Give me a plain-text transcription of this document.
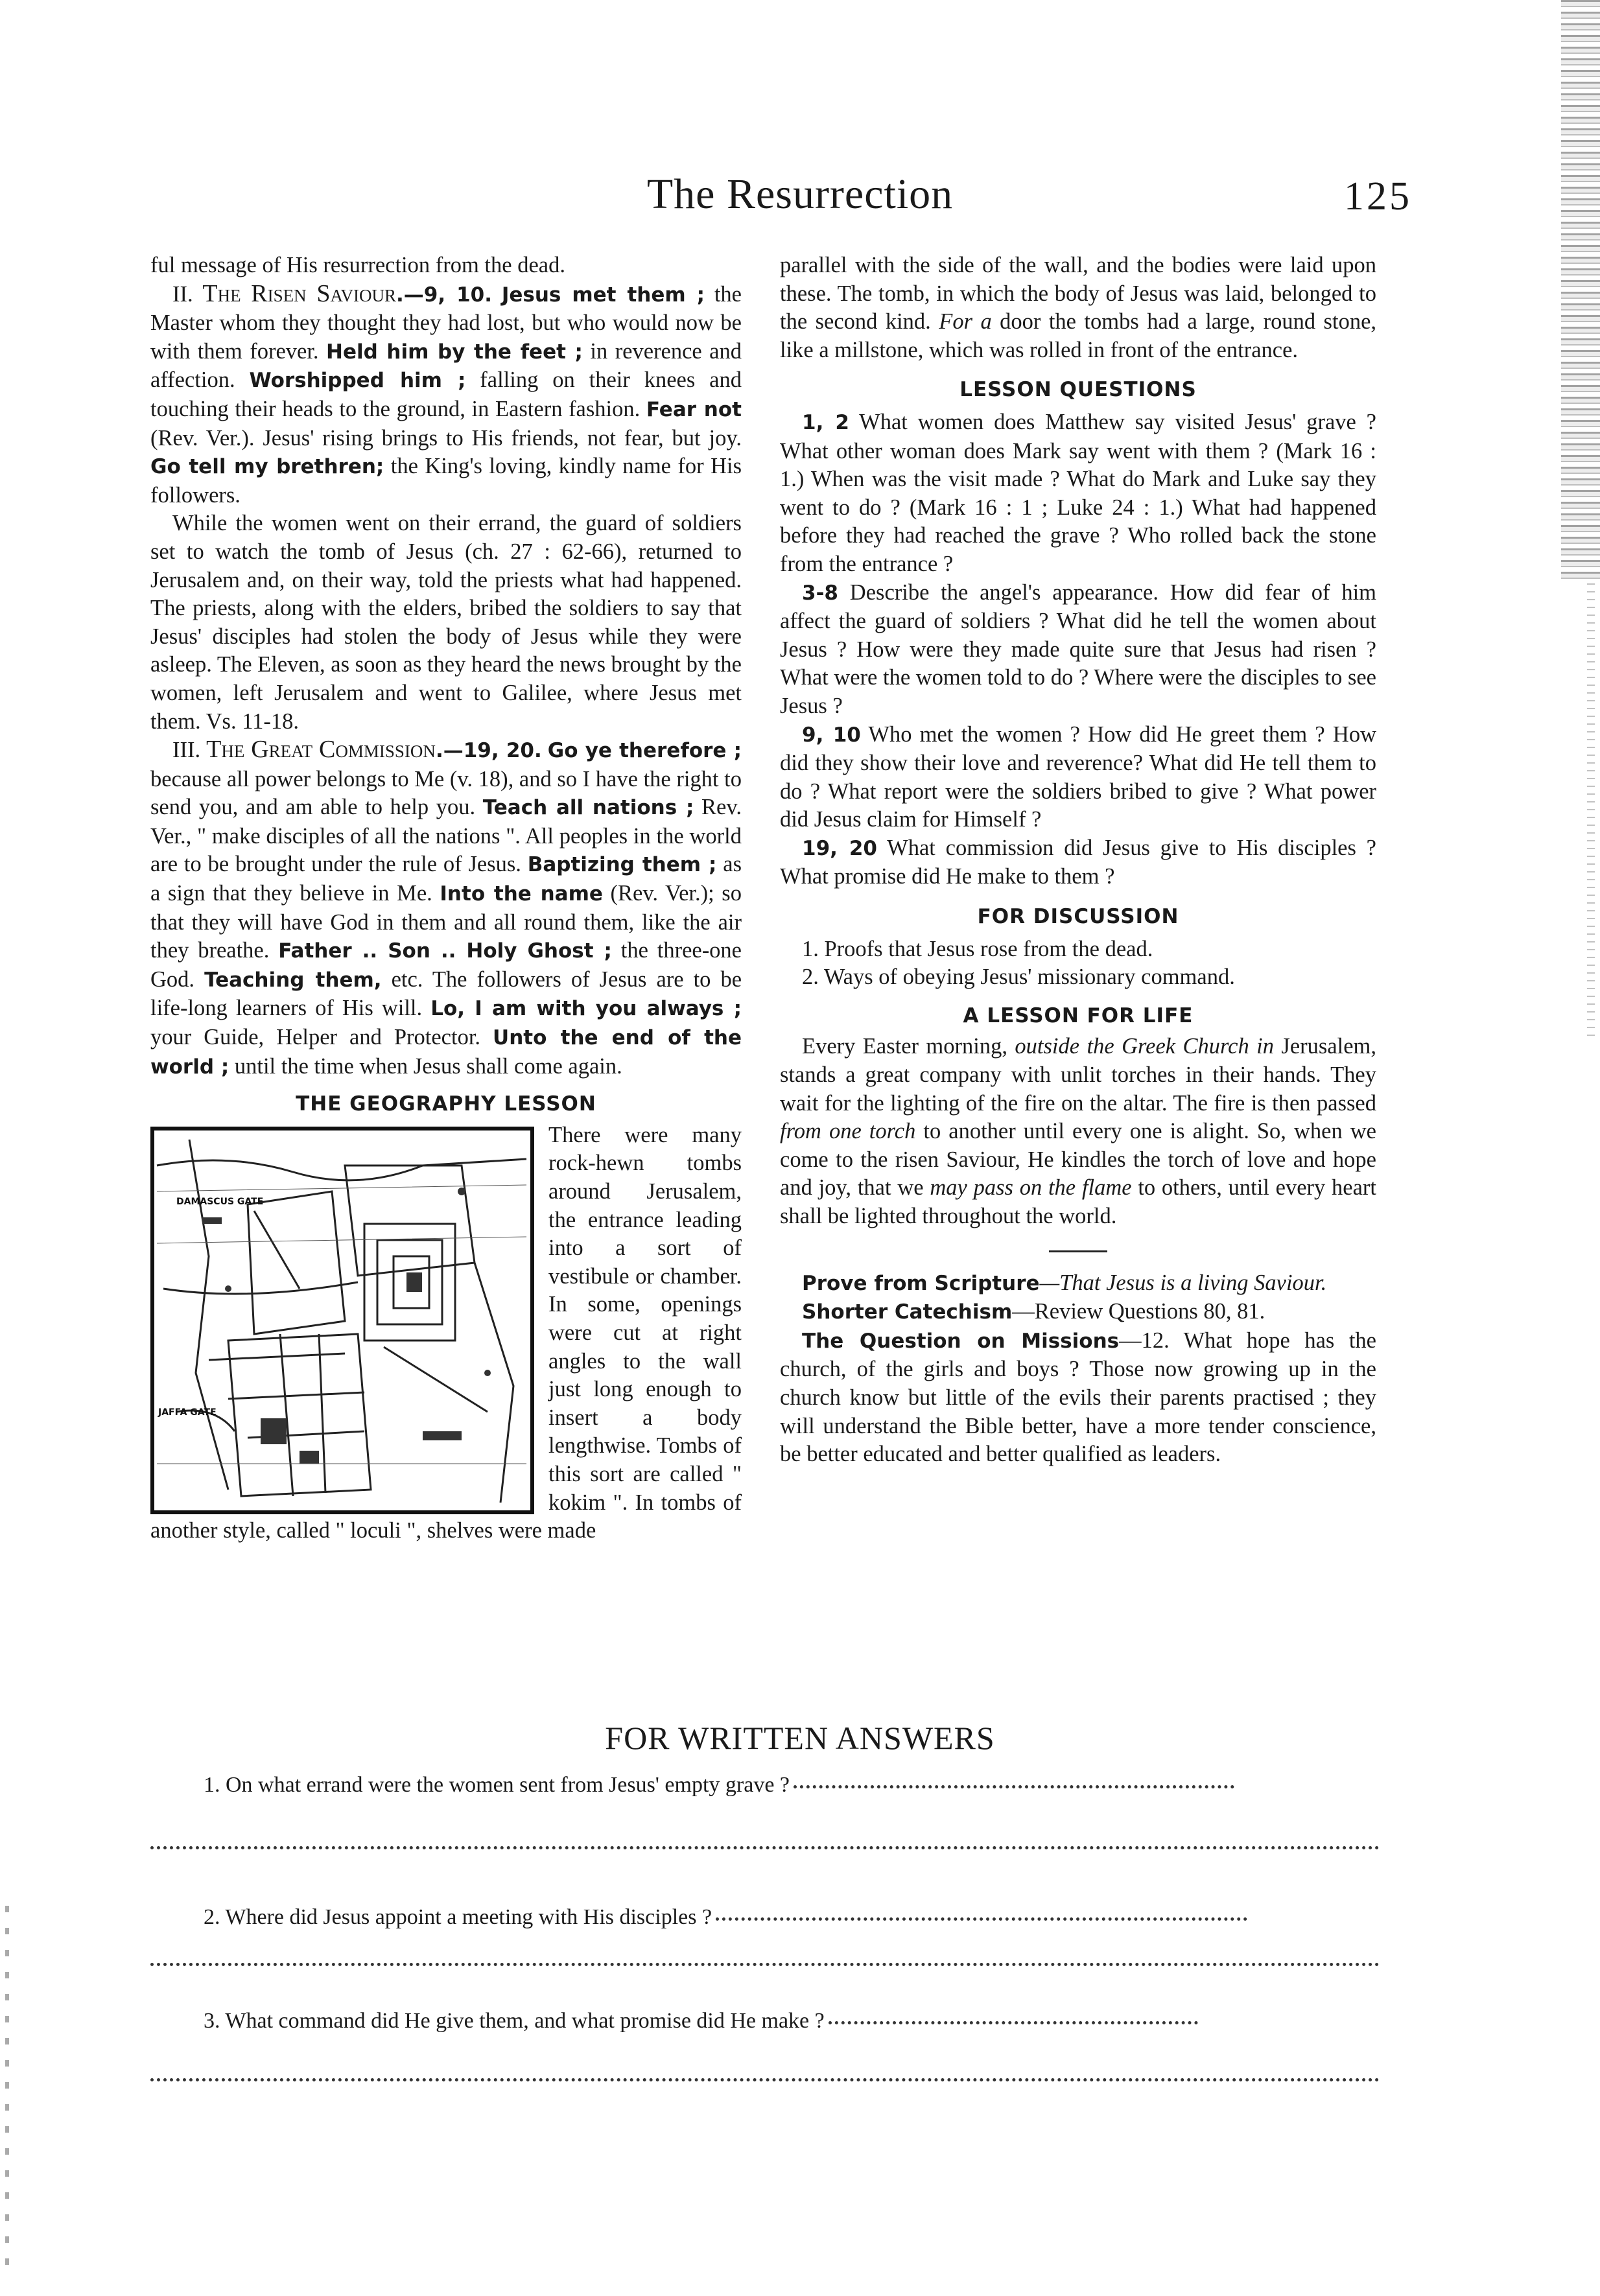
The Resurrection	125

ful message of His resurrection from the dead.

II. The Risen Saviour.—9, 10. Jesus met them ; the Master whom they thought they had lost, but who would now be with them forever. Held him by the feet ; in reverence and affection. Worshipped him ; falling on their knees and touching their heads to the ground, in Eastern fashion. Fear not (Rev. Ver.). Jesus' rising brings to His friends, not fear, but joy. Go tell my brethren; the King's loving, kindly name for His followers.

While the women went on their errand, the guard of soldiers set to watch the tomb of Jesus (ch. 27 : 62-66), returned to Jerusalem and, on their way, told the priests what had happened. The priests, along with the elders, bribed the soldiers to say that Jesus' disciples had stolen the body of Jesus while they were asleep. The Eleven, as soon as they heard the news brought by the women, left Jerusalem and went to Galilee, where Jesus met them. Vs. 11-18.

III. The Great Commission.—19, 20. Go ye therefore ; because all power belongs to Me (v. 18), and so I have the right to send you, and am able to help you. Teach all nations ; Rev. Ver., " make disciples of all the nations ". All peoples in the world are to be brought under the rule of Jesus. Baptizing them ; as a sign that they believe in Me. Into the name (Rev. Ver.); so that they will have God in them and all round them, like the air they breathe. Father .. Son .. Holy Ghost ; the three-one God. Teaching them, etc. The followers of Jesus are to be life-long learners of His will. Lo, I am with you always ; your Guide, Helper and Protector. Unto the end of the world ; until the time when Jesus shall come again.

THE GEOGRAPHY LESSON

DAMASCUS GATE
JAFFA GATE

There were many rock-hewn tombs around Jerusalem, the entrance leading into a sort of vestibule or chamber. In some, openings were cut at right angles to the wall just long enough to insert a body lengthwise. Tombs of this sort are called " kokim ". In tombs of another style, called " loculi ", shelves were made

parallel with the side of the wall, and the bodies were laid upon these. The tomb, in which the body of Jesus was laid, belonged to the second kind. For a door the tombs had a large, round stone, like a millstone, which was rolled in front of the entrance.

LESSON QUESTIONS

1, 2 What women does Matthew say visited Jesus' grave ? What other woman does Mark say went with them ? (Mark 16 : 1.) When was the visit made ? What do Mark and Luke say they went to do ? (Mark 16 : 1 ; Luke 24 : 1.) What had happened before they had reached the grave ? Who rolled back the stone from the entrance ?

3-8 Describe the angel's appearance. How did fear of him affect the guard of soldiers ? What did he tell the women about Jesus ? How were they made quite sure that Jesus had risen ? What were the women told to do ? Where were the disciples to see Jesus ?

9, 10 Who met the women ? How did He greet them ? How did they show their love and reverence? What did He tell them to do ? What report were the soldiers bribed to give ? What power did Jesus claim for Himself ?

19, 20 What commission did Jesus give to His disciples ? What promise did He make to them ?

FOR DISCUSSION

1. Proofs that Jesus rose from the dead.

2. Ways of obeying Jesus' missionary command.

A LESSON FOR LIFE

Every Easter morning, outside the Greek Church in Jerusalem, stands a great company with unlit torches in their hands. They wait for the lighting of the fire on the altar. The fire is then passed from one torch to another until every one is alight. So, when we come to the risen Saviour, He kindles the torch of love and hope and joy, that we may pass on the flame to others, until every heart shall be lighted throughout the world.

Prove from Scripture—That Jesus is a living Saviour.

Shorter Catechism—Review Questions 80, 81.

The Question on Missions—12. What hope has the church, of the girls and boys ? Those now growing up in the church know but little of the evils their parents practised ; they will understand the Bible better, have a more tender conscience, be better educated and better qualified as leaders.

FOR WRITTEN ANSWERS
1. On what errand were the women sent from Jesus' empty grave ?
2. Where did Jesus appoint a meeting with His disciples ?
3. What command did He give them, and what promise did He make ?
